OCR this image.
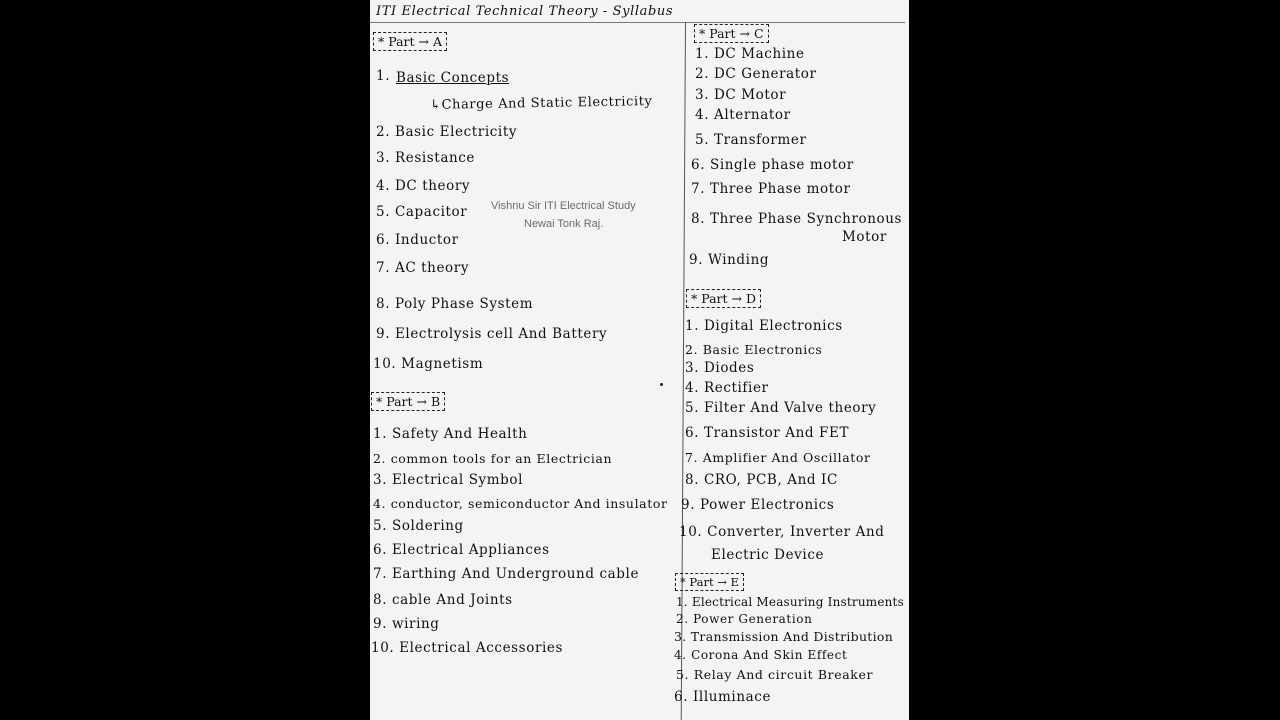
ITI Electrical Technical Theory - Syllabus
* Part → A
1. Basic Concepts
↳Charge And Static Electricity
2. Basic Electricity
3. Resistance
4. DC theory
5. Capacitor
6. Inductor
7. AC theory
8. Poly Phase System
9. Electrolysis cell And Battery
10. Magnetism
Vishnu Sir ITI Electrical Study
Newai Tonk Raj.
* Part → B
1. Safety And Health
2. common tools for an Electrician
3. Electrical Symbol
4. conductor, semiconductor And insulator
5. Soldering
6. Electrical Appliances
7. Earthing And Underground cable
8. cable And Joints
9. wiring
10. Electrical Accessories
* Part → C
1. DC Machine
2. DC Generator
3. DC Motor
4. Alternator
5. Transformer
6. Single phase motor
7. Three Phase motor
8. Three Phase Synchronous
Motor
9. Winding
* Part → D
1. Digital Electronics
2. Basic Electronics
3. Diodes
4. Rectifier
5. Filter And Valve theory
6. Transistor And FET
7. Amplifier And Oscillator
8. CRO, PCB, And IC
9. Power Electronics
10. Converter, Inverter And
Electric Device
* Part → E
1. Electrical Measuring Instruments
2. Power Generation
3. Transmission And Distribution
4. Corona And Skin Effect
5. Relay And circuit Breaker
6. Illuminace
